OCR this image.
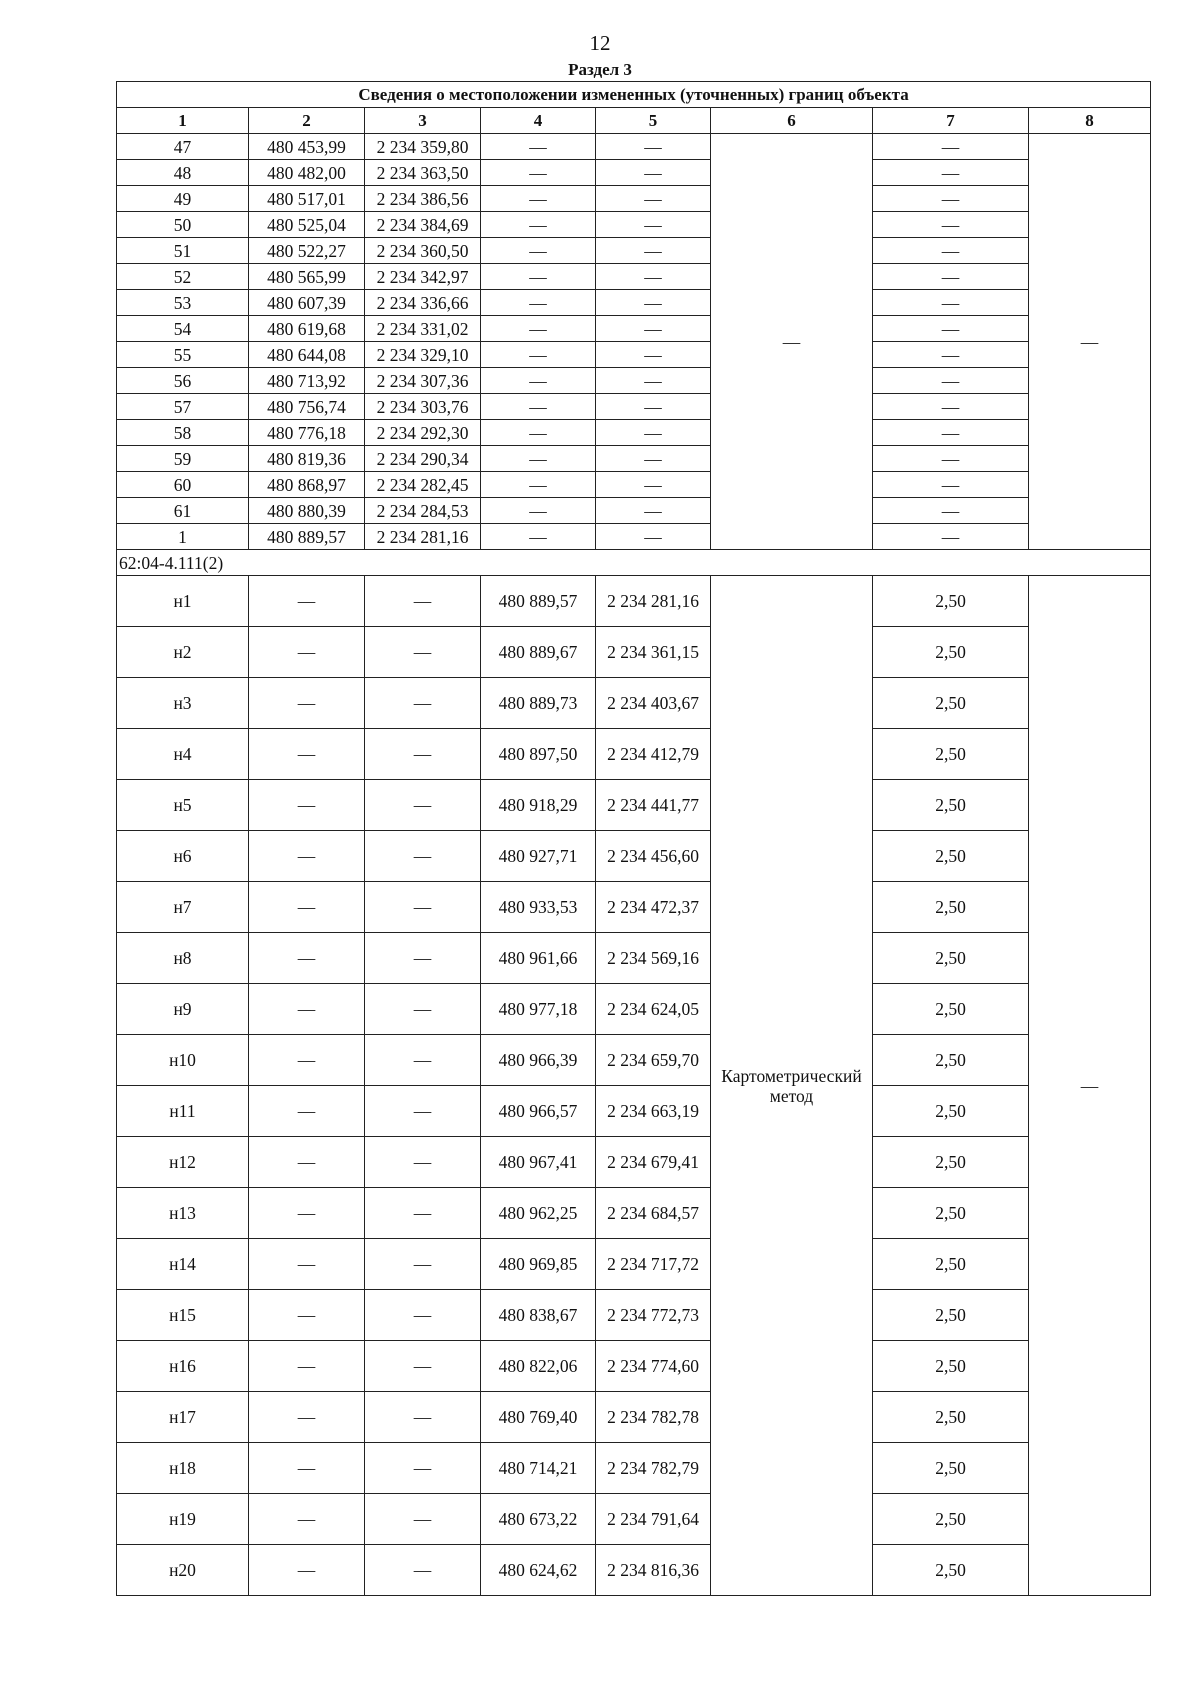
12
Раздел 3
Сведения о местоположении измененных (уточненных) границ объекта							
1	2	3	4	5	6	7	8
47	480 453,99	2 234 359,80	—	—	—	—	—
48	480 482,00	2 234 363,50	—	—		—	
49	480 517,01	2 234 386,56	—	—		—	
50	480 525,04	2 234 384,69	—	—		—	
51	480 522,27	2 234 360,50	—	—		—	
52	480 565,99	2 234 342,97	—	—		—	
53	480 607,39	2 234 336,66	—	—		—	
54	480 619,68	2 234 331,02	—	—		—	
55	480 644,08	2 234 329,10	—	—		—	
56	480 713,92	2 234 307,36	—	—		—	
57	480 756,74	2 234 303,76	—	—		—	
58	480 776,18	2 234 292,30	—	—		—	
59	480 819,36	2 234 290,34	—	—		—	
60	480 868,97	2 234 282,45	—	—		—	
61	480 880,39	2 234 284,53	—	—		—	
1	480 889,57	2 234 281,16	—	—		—	
62:04-4.111(2)							
н1	—	—	480 889,57	2 234 281,16	Картометрический метод	2,50	—
н2	—	—	480 889,67	2 234 361,15		2,50	
н3	—	—	480 889,73	2 234 403,67		2,50	
н4	—	—	480 897,50	2 234 412,79		2,50	
н5	—	—	480 918,29	2 234 441,77		2,50	
н6	—	—	480 927,71	2 234 456,60		2,50	
н7	—	—	480 933,53	2 234 472,37		2,50	
н8	—	—	480 961,66	2 234 569,16		2,50	
н9	—	—	480 977,18	2 234 624,05		2,50	
н10	—	—	480 966,39	2 234 659,70		2,50	
н11	—	—	480 966,57	2 234 663,19		2,50	
н12	—	—	480 967,41	2 234 679,41		2,50	
н13	—	—	480 962,25	2 234 684,57		2,50	
н14	—	—	480 969,85	2 234 717,72		2,50	
н15	—	—	480 838,67	2 234 772,73		2,50	
н16	—	—	480 822,06	2 234 774,60		2,50	
н17	—	—	480 769,40	2 234 782,78		2,50	
н18	—	—	480 714,21	2 234 782,79		2,50	
н19	—	—	480 673,22	2 234 791,64		2,50	
н20	—	—	480 624,62	2 234 816,36		2,50	
